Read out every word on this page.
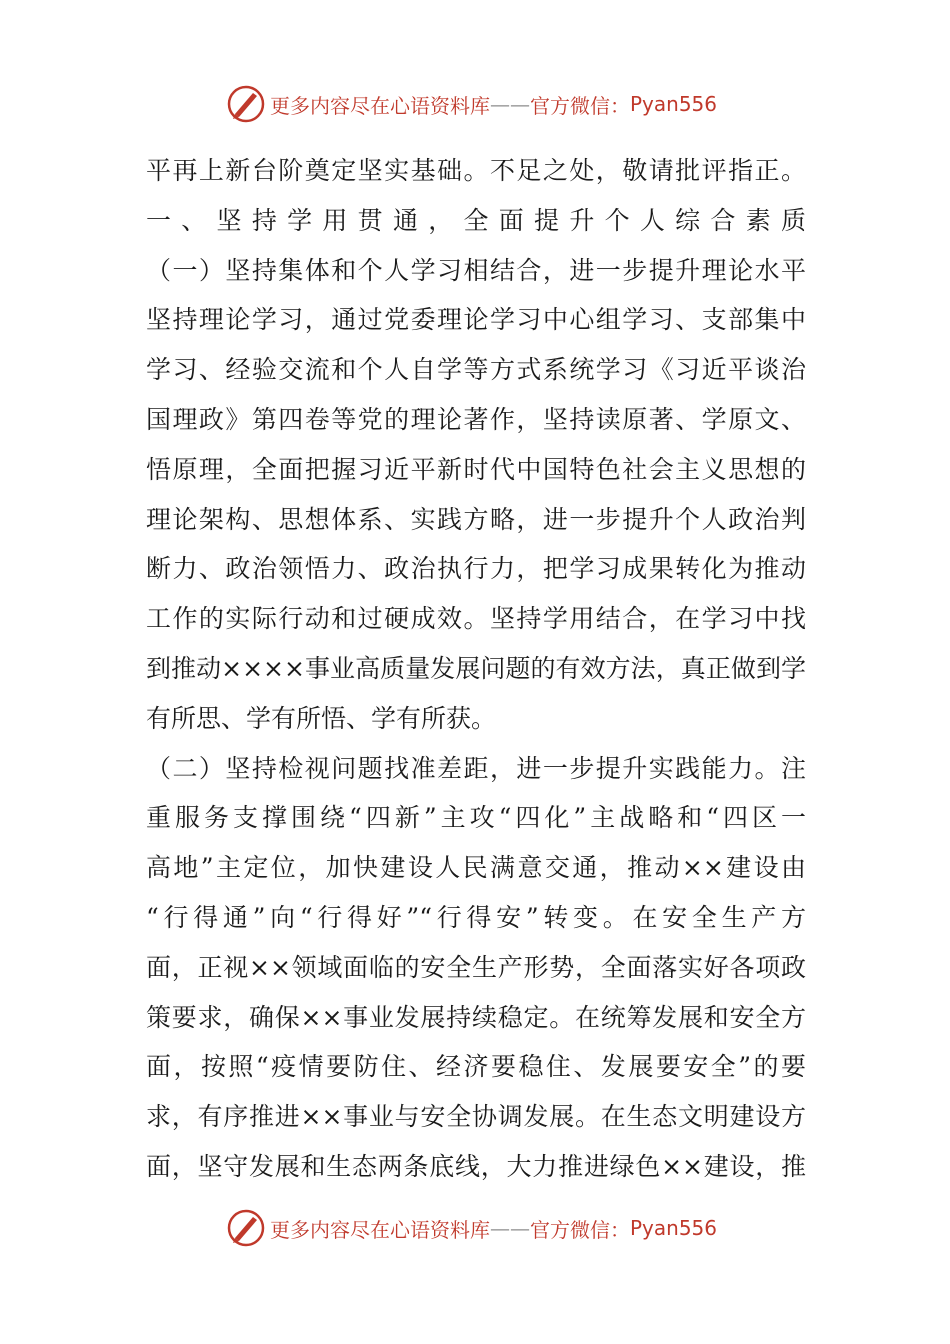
更多内容尽在心语资料库 —— 官方微信： Pyan556
平再上新台阶奠定坚实基础。不足之处，敬请批评指正。
一、坚持学用贯通，全面提升个人综合素质
（一）坚持集体和个人学习相结合，进一步提升理论水平
坚持理论学习，通过党委理论学习中心组学习、支部集中
学习、经验交流和个人自学等方式系统学习《习近平谈治
国理政》第四卷等党的理论著作，坚持读原著、学原文、
悟原理，全面把握习近平新时代中国特色社会主义思想的
理论架构、思想体系、实践方略，进一步提升个人政治判
断力、政治领悟力、政治执行力，把学习成果转化为推动
工作的实际行动和过硬成效。坚持学用结合，在学习中找
到推动××××事业高质量发展问题的有效方法，真正做到学
有所思、学有所悟、学有所获。
（二）坚持检视问题找准差距，进一步提升实践能力。注
重服务支撑围绕“四新”主攻“四化”主战略和“四区一
高地”主定位，加快建设人民满意交通，推动××建设由
“行得通”向“行得好”“行得安”转变。在安全生产方
面，正视××领域面临的安全生产形势，全面落实好各项政
策要求，确保××事业发展持续稳定。在统筹发展和安全方
面，按照“疫情要防住、经济要稳住、发展要安全”的要
求，有序推进××事业与安全协调发展。在生态文明建设方
面，坚守发展和生态两条底线，大力推进绿色××建设，推
更多内容尽在心语资料库 —— 官方微信： Pyan556
